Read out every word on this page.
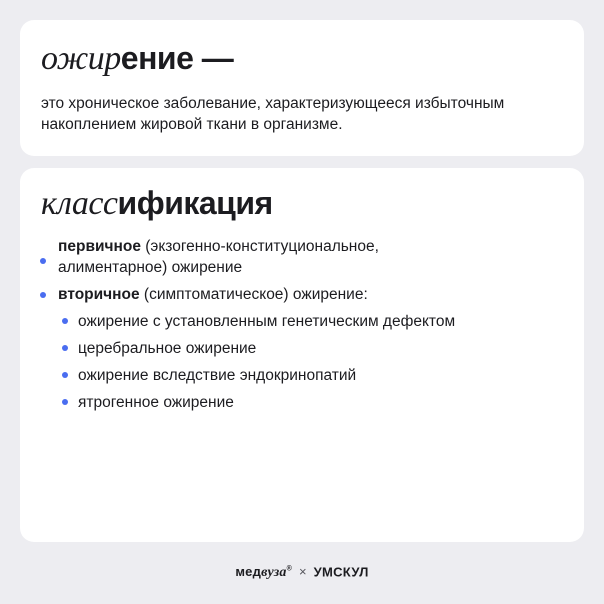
ожирение —

это хроническое заболевание, характеризующееся избыточным накоплением жировой ткани в организме.

классификация
первичное (экзогенно-конституциональное, алиментарное) ожирение
вторичное (симптоматическое) ожирение:
ожирение с установленным генетическим дефектом
церебральное ожирение
ожирение вследствие эндокринопатий
ятрогенное ожирение
медвуза® × УМСКУЛ
